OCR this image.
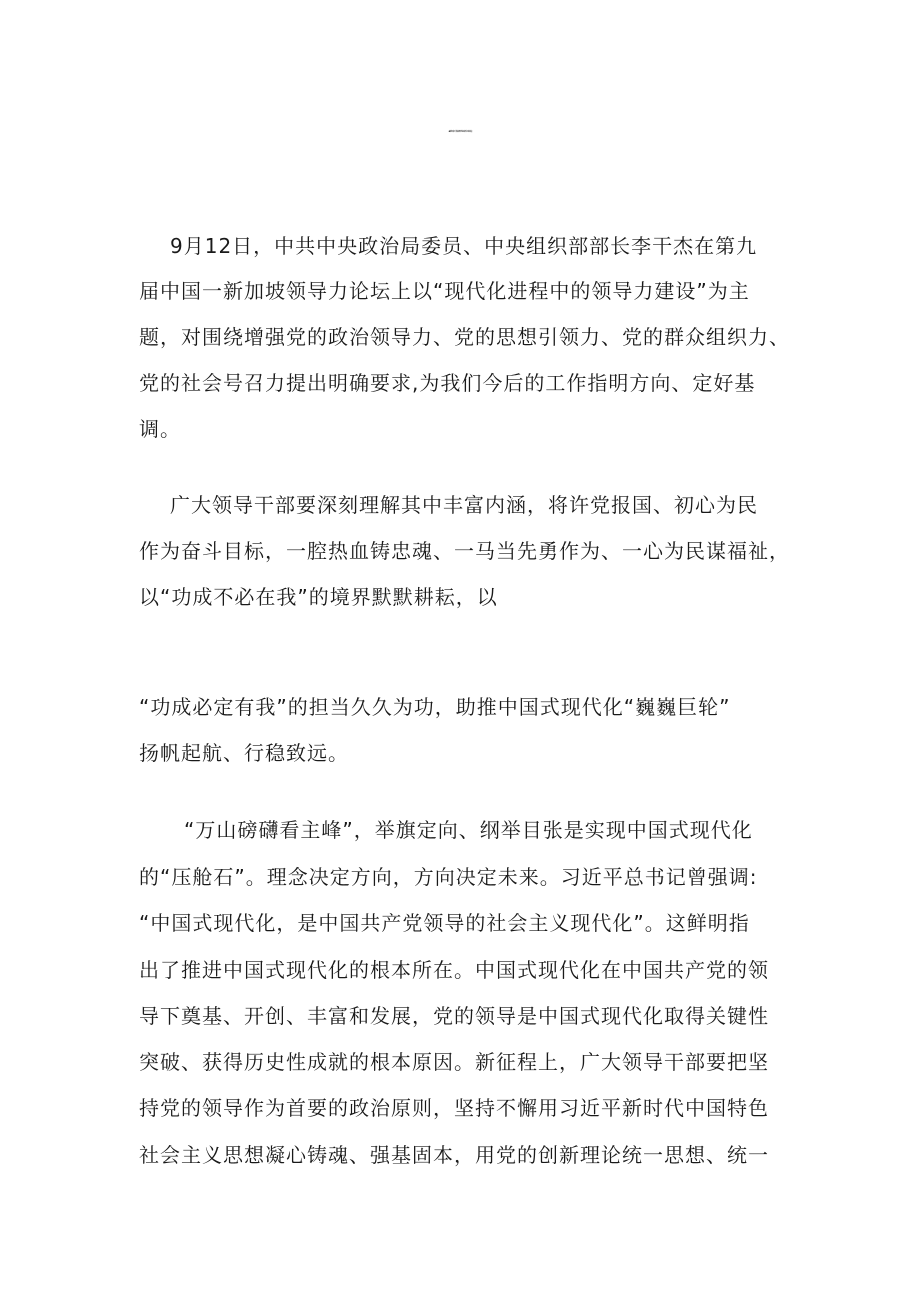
2023第九届中国一新加坡领导力论坛讲话学习心得体会
9月12日，中共中央政治局委员、中央组织部部长李干杰在第九
届中国一新加坡领导力论坛上以“现代化进程中的领导力建设”为主
题，对围绕增强党的政治领导力、党的思想引领力、党的群众组织力、
党的社会号召力提出明确要求,为我们今后的工作指明方向、定好基
调。
广大领导干部要深刻理解其中丰富内涵，将许党报国、初心为民
作为奋斗目标，一腔热血铸忠魂、一马当先勇作为、一心为民谋福祉，
以“功成不必在我”的境界默默耕耘，以
“功成必定有我”的担当久久为功，助推中国式现代化“巍巍巨轮”
扬帆起航、行稳致远。
“万山磅礴看主峰”，举旗定向、纲举目张是实现中国式现代化
的“压舱石”。理念决定方向，方向决定未来。习近平总书记曾强调:
“中国式现代化，是中国共产党领导的社会主义现代化”。这鲜明指
出了推进中国式现代化的根本所在。中国式现代化在中国共产党的领
导下奠基、开创、丰富和发展，党的领导是中国式现代化取得关键性
突破、获得历史性成就的根本原因。新征程上，广大领导干部要把坚
持党的领导作为首要的政治原则，坚持不懈用习近平新时代中国特色
社会主义思想凝心铸魂、强基固本，用党的创新理论统一思想、统一
